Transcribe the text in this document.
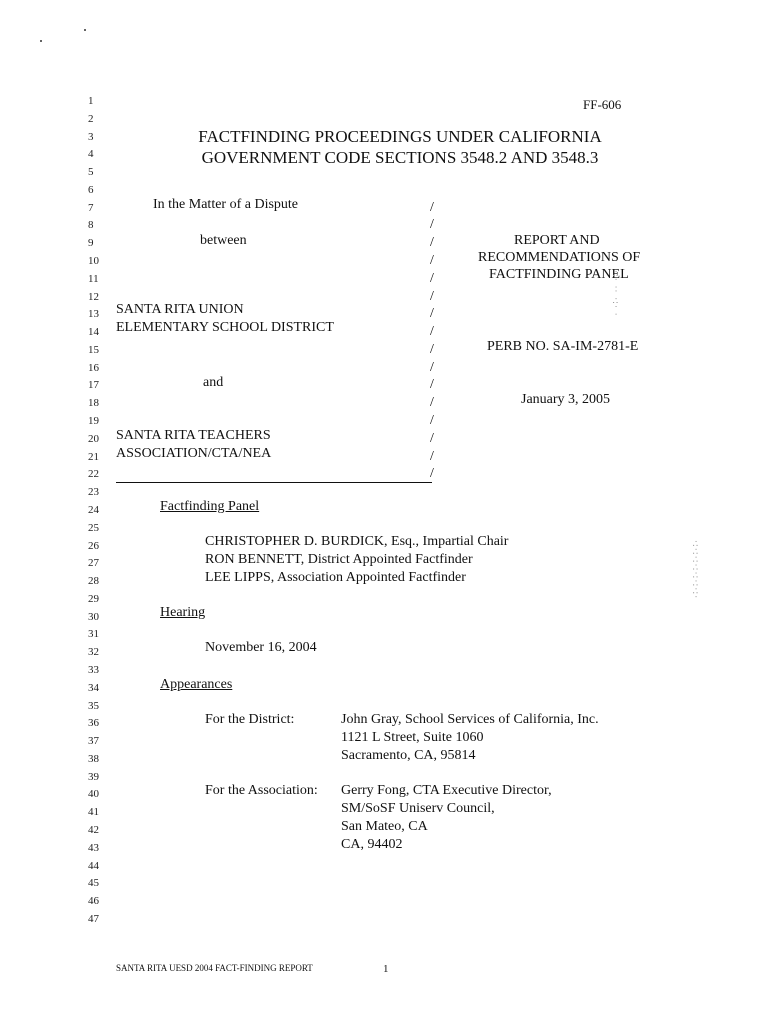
1
2
3
4
5
6
7
8
9
10
11
12
13
14
15
16
17
18
19
20
21
22
23
24
25
26
27
28
29
30
31
32
33
34
35
36
37
38
39
40
41
42
43
44
45
46
47
FF-606
FACTFINDING PROCEEDINGS UNDER CALIFORNIA
GOVERNMENT CODE SECTIONS 3548.2 AND 3548.3
In the Matter of a Dispute
between
SANTA RITA UNION
ELEMENTARY SCHOOL DISTRICT
and
SANTA RITA TEACHERS
ASSOCIATION/CTA/NEA
/
/
/
/
/
/
/
/
/
/
/
/
/
/
/
/
REPORT AND
RECOMMENDATIONS OF
FACTFINDING PANEL
PERB NO. SA-IM-2781-E
January 3, 2005
·:· ·· ·:· ·
·:·:·:·:·:·:·:·
Factfinding Panel
CHRISTOPHER D. BURDICK, Esq., Impartial Chair
RON BENNETT, District Appointed Factfinder
LEE LIPPS, Association Appointed Factfinder
Hearing
November 16, 2004
Appearances
For the District:	John Gray, School Services of California, Inc.
1121 L Street, Suite 1060
Sacramento, CA, 95814
For the Association: Gerry Fong, CTA Executive Director,
SM/SoSF Uniserv Council,
San Mateo, CA
CA, 94402
SANTA RITA UESD 2004 FACT-FINDING REPORT	1
